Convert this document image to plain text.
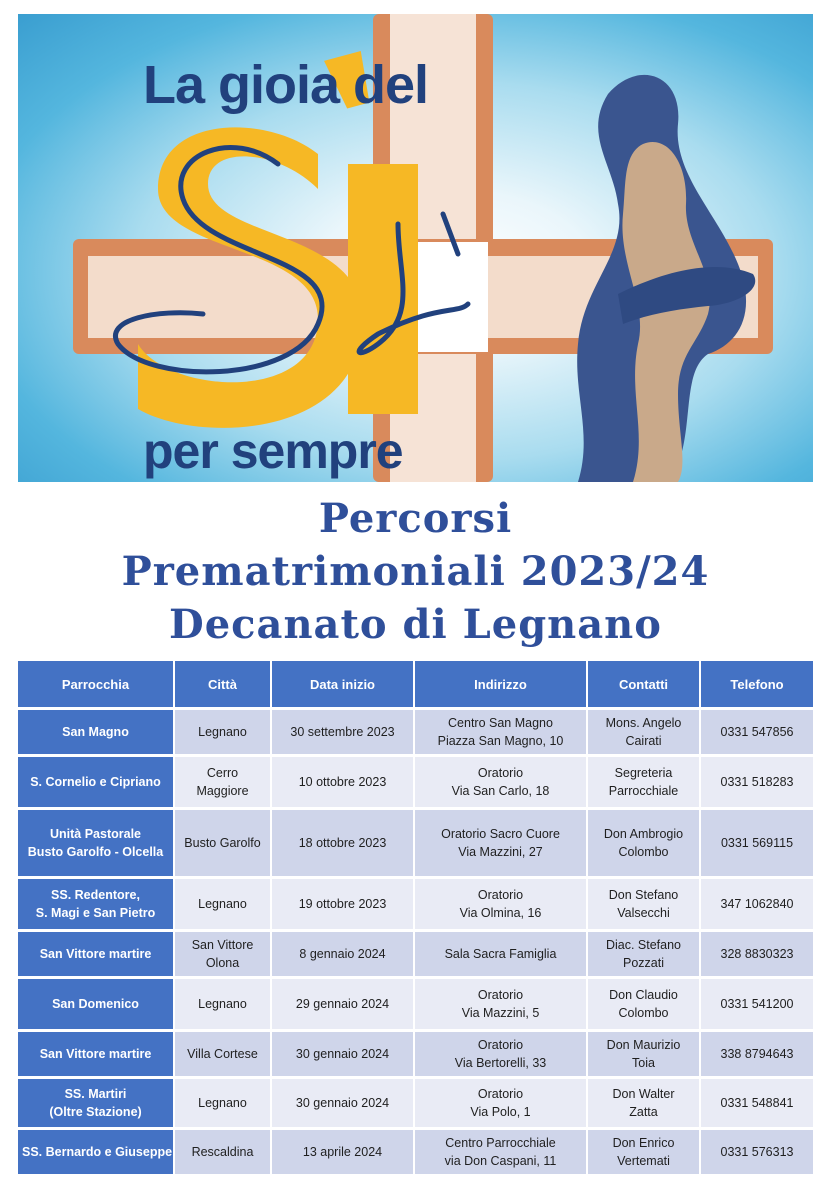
La gioia del
per sempre
Percorsi
Prematrimoniali 2023/24
Decanato di Legnano
Parrocchia	Città	Data inizio	Indirizzo	Contatti	Telefono

San Magno	Legnano	30 settembre 2023	Centro San Magno
Piazza San Magno, 10	Mons. Angelo
Cairati	0331 547856

S. Cornelio e Cipriano	Cerro
Maggiore	10 ottobre 2023	Oratorio
Via San Carlo, 18	Segreteria
Parrocchiale	0331 518283

Unità Pastorale
Busto Garolfo - Olcella	Busto Garolfo	18 ottobre 2023	Oratorio Sacro Cuore
Via Mazzini, 27	Don Ambrogio
Colombo	0331 569115

SS. Redentore,
S. Magi e San Pietro	Legnano	19 ottobre 2023	Oratorio
Via Olmina, 16	Don Stefano
Valsecchi	347 1062840

San Vittore martire	San Vittore
Olona	8 gennaio 2024	Sala Sacra Famiglia	Diac. Stefano
Pozzati	328 8830323

San Domenico	Legnano	29 gennaio 2024	Oratorio
Via Mazzini, 5	Don Claudio
Colombo	0331 541200

San Vittore martire	Villa Cortese	30 gennaio 2024	Oratorio
Via Bertorelli, 33	Don Maurizio
Toia	338 8794643

SS. Martiri
(Oltre Stazione)	Legnano	30 gennaio 2024	Oratorio
Via Polo, 1	Don Walter
Zatta	0331 548841

SS. Bernardo e Giuseppe	Rescaldina	13 aprile 2024	Centro Parrocchiale
via Don Caspani, 11	Don Enrico
Vertemati	0331 576313
